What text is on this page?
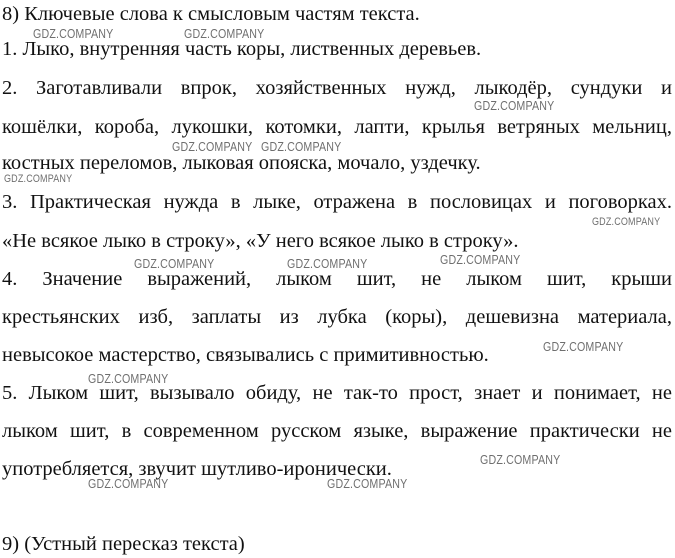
8) Ключевые слова к смысловым частям текста.
1. Лыко, внутренняя часть коры, лиственных деревьев.
2. Заготавливали впрок, хозяйственных нужд, лыкодёр, сундуки и
кошёлки, короба, лукошки, котомки, лапти, крылья ветряных мельниц,
костных переломов, лыковая опояска, мочало, уздечку.
3. Практическая нужда в лыке, отражена в пословицах и поговорках.
«Не всякое лыко в строку», «У него всякое лыко в строку».
4. Значение выражений, лыком шит, не лыком шит, крыши
крестьянских изб, заплаты из лубка (коры), дешевизна материала,
невысокое мастерство, связывались с примитивностью.
5. Лыком шит, вызывало обиду, не так-то прост, знает и понимает, не
лыком шит, в современном русском языке, выражение практически не
употребляется, звучит шутливо-иронически.
9) (Устный пересказ текста)
GDZ.COMPANY	GDZ.COMPANY
GDZ.COMPANY
GDZ.COMPANY GDZ.COMPANY
GDZ.COMPANY
GDZ.COMPANY
GDZ.COMPANY	GDZ.COMPANY	GDZ.COMPANY
GDZ.COMPANY
GDZ.COMPANY
GDZ.COMPANY
GDZ.COMPANY	GDZ.COMPANY
